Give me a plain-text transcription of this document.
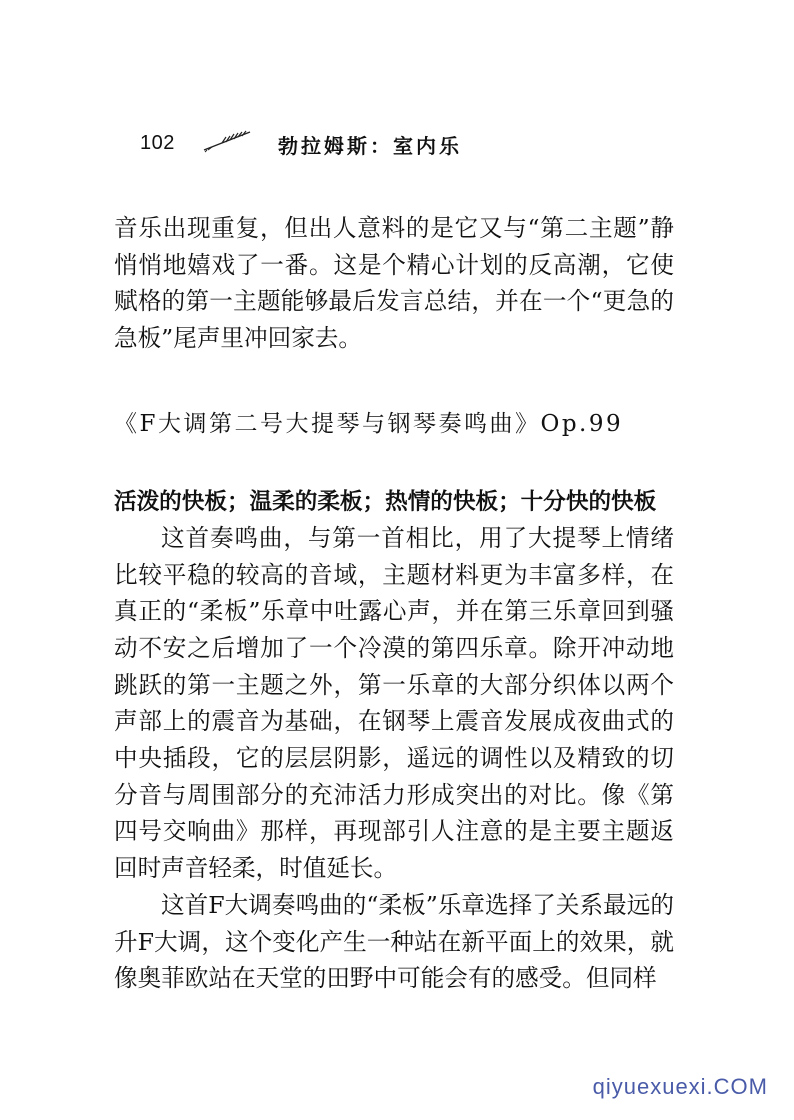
102	勃拉姆斯：室内乐

音乐出现重复，但出人意料的是它又与“第二主题”静悄悄地嬉戏了一番。这是个精心计划的反高潮，它使赋格的第一主题能够最后发言总结，并在一个“更急的急板”尾声里冲回家去。

《F大调第二号大提琴与钢琴奏鸣曲》Op.99
活泼的快板；温柔的柔板；热情的快板；十分快的快板

这首奏鸣曲，与第一首相比，用了大提琴上情绪比较平稳的较高的音域，主题材料更为丰富多样，在真正的“柔板”乐章中吐露心声，并在第三乐章回到骚动不安之后增加了一个冷漠的第四乐章。除开冲动地跳跃的第一主题之外，第一乐章的大部分织体以两个声部上的震音为基础，在钢琴上震音发展成夜曲式的中央插段，它的层层阴影，遥远的调性以及精致的切分音与周围部分的充沛活力形成突出的对比。像《第四号交响曲》那样，再现部引人注意的是主要主题返回时声音轻柔，时值延长。

这首F大调奏鸣曲的“柔板”乐章选择了关系最远的升F大调，这个变化产生一种站在新平面上的效果，就像奥菲欧站在天堂的田野中可能会有的感受。但同样

qiyuexuexi.COM
